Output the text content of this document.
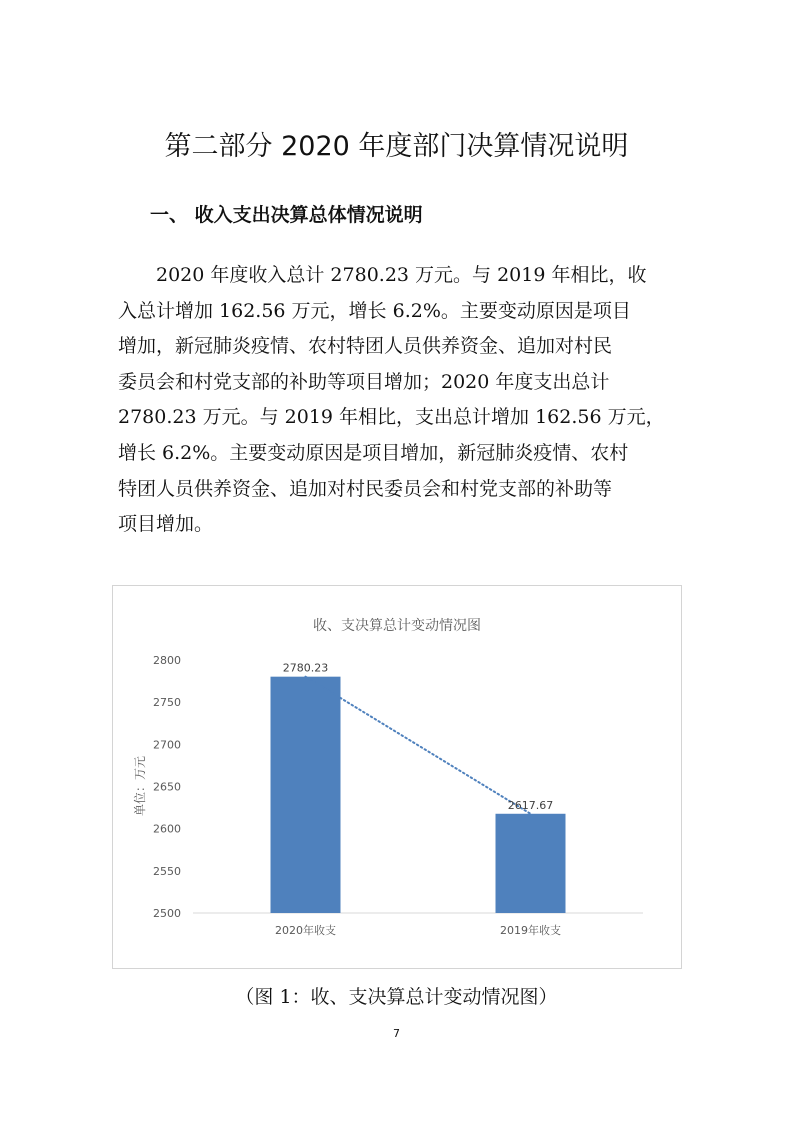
第二部分 2020 年度部门决算情况说明
一、 收入支出决算总体情况说明

2020 年度收入总计 2780.23 万元。与 2019 年相比，收
入总计增加 162.56 万元，增长 6.2%。主要变动原因是项目
增加，新冠肺炎疫情、农村特团人员供养资金、追加对村民
委员会和村党支部的补助等项目增加；2020 年度支出总计
2780.23 万元。与 2019 年相比，支出总计增加 162.56 万元，
增长 6.2%。主要变动原因是项目增加，新冠肺炎疫情、农村
特团人员供养资金、追加对村民委员会和村党支部的补助等
项目增加。

收、支决算总计变动情况图
单位：万元
2500
2550
2600
2650
2700
2750
2800
2780.23
2617.67
2020年收支	2019年收支

（图 1：收、支决算总计变动情况图）

7
